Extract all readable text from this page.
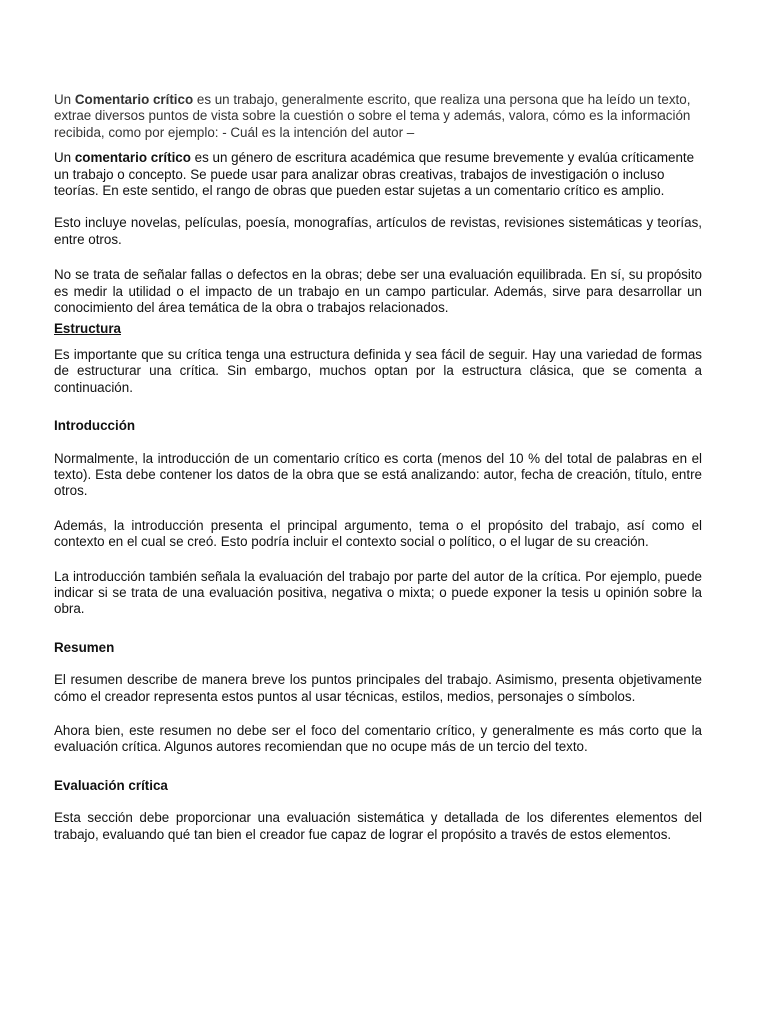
Un Comentario crítico es un trabajo, generalmente escrito, que realiza una persona que ha leído un texto, extrae diversos puntos de vista sobre la cuestión o sobre el tema y además, valora, cómo es la información recibida, como por ejemplo: - Cuál es la intención del autor –

Un comentario crítico es un género de escritura académica que resume brevemente y evalúa críticamente un trabajo o concepto. Se puede usar para analizar obras creativas, trabajos de investigación o incluso teorías. En este sentido, el rango de obras que pueden estar sujetas a un comentario crítico es amplio.

Esto incluye novelas, películas, poesía, monografías, artículos de revistas, revisiones sistemáticas y teorías, entre otros.

No se trata de señalar fallas o defectos en la obras; debe ser una evaluación equilibrada. En sí, su propósito es medir la utilidad o el impacto de un trabajo en un campo particular. Además, sirve para desarrollar un conocimiento del área temática de la obra o trabajos relacionados.

Estructura

Es importante que su crítica tenga una estructura definida y sea fácil de seguir. Hay una variedad de formas de estructurar una crítica. Sin embargo, muchos optan por la estructura clásica, que se comenta a continuación.

Introducción

Normalmente, la introducción de un comentario crítico es corta (menos del 10 % del total de palabras en el texto). Esta debe contener los datos de la obra que se está analizando: autor, fecha de creación, título, entre otros.

Además, la introducción presenta el principal argumento, tema o el propósito del trabajo, así como el contexto en el cual se creó. Esto podría incluir el contexto social o político, o el lugar de su creación.

La introducción también señala la evaluación del trabajo por parte del autor de la crítica. Por ejemplo, puede indicar si se trata de una evaluación positiva, negativa o mixta; o puede exponer la tesis u opinión sobre la obra.

Resumen

El resumen describe de manera breve los puntos principales del trabajo. Asimismo, presenta objetivamente cómo el creador representa estos puntos al usar técnicas, estilos, medios, personajes o símbolos.

Ahora bien, este resumen no debe ser el foco del comentario crítico, y generalmente es más corto que la evaluación crítica. Algunos autores recomiendan que no ocupe más de un tercio del texto.

Evaluación crítica

Esta sección debe proporcionar una evaluación sistemática y detallada de los diferentes elementos del trabajo, evaluando qué tan bien el creador fue capaz de lograr el propósito a través de estos elementos.
